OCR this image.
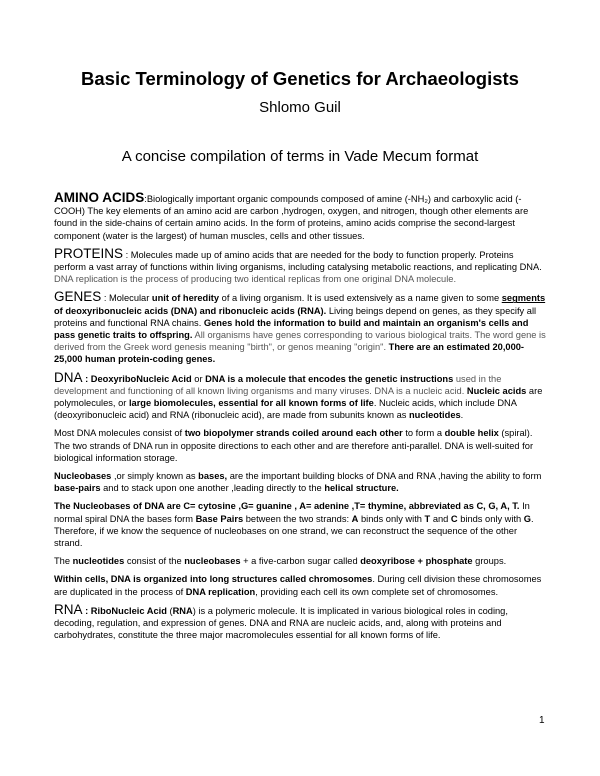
Basic Terminology of Genetics for Archaeologists
Shlomo Guil
A concise compilation of terms in Vade Mecum format

AMINO ACIDS:Biologically important organic compounds composed of amine (-NH₂) and carboxylic acid (-COOH) The key elements of an amino acid are carbon ,hydrogen, oxygen, and nitrogen, though other elements are found in the side-chains of certain amino acids. In the form of proteins, amino acids comprise the second-largest component (water is the largest) of human muscles, cells and other tissues.

PROTEINS : Molecules made up of amino acids that are needed for the body to function properly. Proteins perform a vast array of functions within living organisms, including catalysing metabolic reactions, and replicating DNA. DNA replication is the process of producing two identical replicas from one original DNA molecule.

GENES : Molecular unit of heredity of a living organism. It is used extensively as a name given to some segments of deoxyribonucleic acids (DNA) and ribonucleic acids (RNA). Living beings depend on genes, as they specify all proteins and functional RNA chains. Genes hold the information to build and maintain an organism's cells and pass genetic traits to offspring. All organisms have genes corresponding to various biological traits. The word gene is derived from the Greek word genesis meaning "birth", or genos meaning "origin". There are an estimated 20,000-25,000 human protein-coding genes.

DNA : DeoxyriboNucleic Acid or DNA is a molecule that encodes the genetic instructions used in the development and functioning of all known living organisms and many viruses. DNA is a nucleic acid. Nucleic acids are polymolecules, or large biomolecules, essential for all known forms of life. Nucleic acids, which include DNA (deoxyribonucleic acid) and RNA (ribonucleic acid), are made from subunits known as nucleotides.

Most DNA molecules consist of two biopolymer strands coiled around each other to form a double helix (spiral). The two strands of DNA run in opposite directions to each other and are therefore anti-parallel. DNA is well-suited for biological information storage.

Nucleobases ,or simply known as bases, are the important building blocks of DNA and RNA ,having the ability to form base-pairs and to stack upon one another ,leading directly to the helical structure.

The Nucleobases of DNA are C= cytosine ,G= guanine , A= adenine ,T= thymine, abbreviated as C, G, A, T. In normal spiral DNA the bases form Base Pairs between the two strands: A binds only with T and C binds only with G. Therefore, if we know the sequence of nucleobases on one strand, we can reconstruct the sequence of the other strand.

The nucleotides consist of the nucleobases + a five-carbon sugar called deoxyribose + phosphate groups.

Within cells, DNA is organized into long structures called chromosomes. During cell division these chromosomes are duplicated in the process of DNA replication, providing each cell its own complete set of chromosomes.

RNA : RiboNucleic Acid (RNA) is a polymeric molecule. It is implicated in various biological roles in coding, decoding, regulation, and expression of genes. DNA and RNA are nucleic acids, and, along with proteins and carbohydrates, constitute the three major macromolecules essential for all known forms of life.

1
